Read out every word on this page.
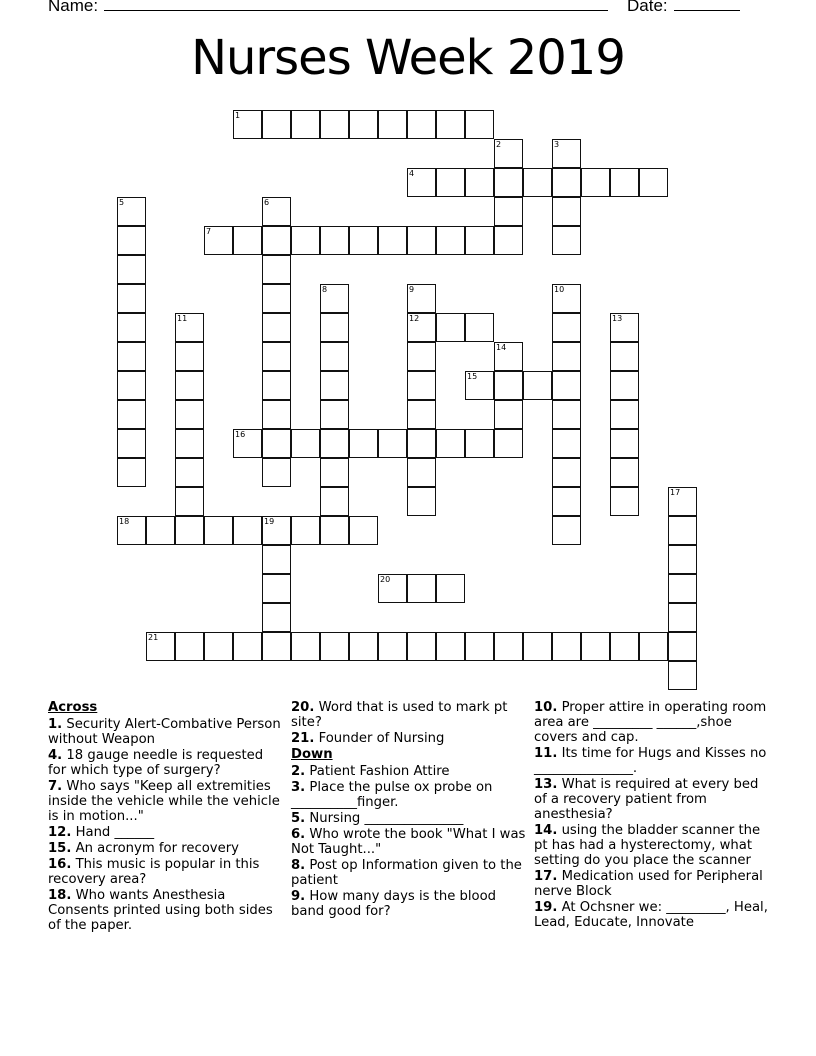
Name:	Date:
Nurses Week 2019
1
2	3
4
5	6
7
8	9
12
10
11	13
14
15
16
17
18	19
20
21
Across
1. Security Alert-Combative Person without Weapon
4. 18 gauge needle is requested for which type of surgery?
7. Who says "Keep all extremities inside the vehicle while the vehicle is in motion..."
12. Hand ______
15. An acronym for recovery
16. This music is popular in this recovery area?
18. Who wants Anesthesia Consents printed using both sides of the paper.
20. Word that is used to mark pt site?
21. Founder of Nursing
Down
2. Patient Fashion Attire
3. Place the pulse ox probe on __________finger.
5. Nursing _______________
6. Who wrote the book "What I was Not Taught..."
8. Post op Information given to the patient
9. How many days is the blood band good for?
10. Proper attire in operating room area are _________ ______,shoe covers and cap.
11. Its time for Hugs and Kisses no _______________.
13. What is required at every bed of a recovery patient from anesthesia?
14. using the bladder scanner the pt has had a hysterectomy, what setting do you place the scanner
17. Medication used for Peripheral nerve Block
19. At Ochsner we: _________, Heal, Lead, Educate, Innovate
